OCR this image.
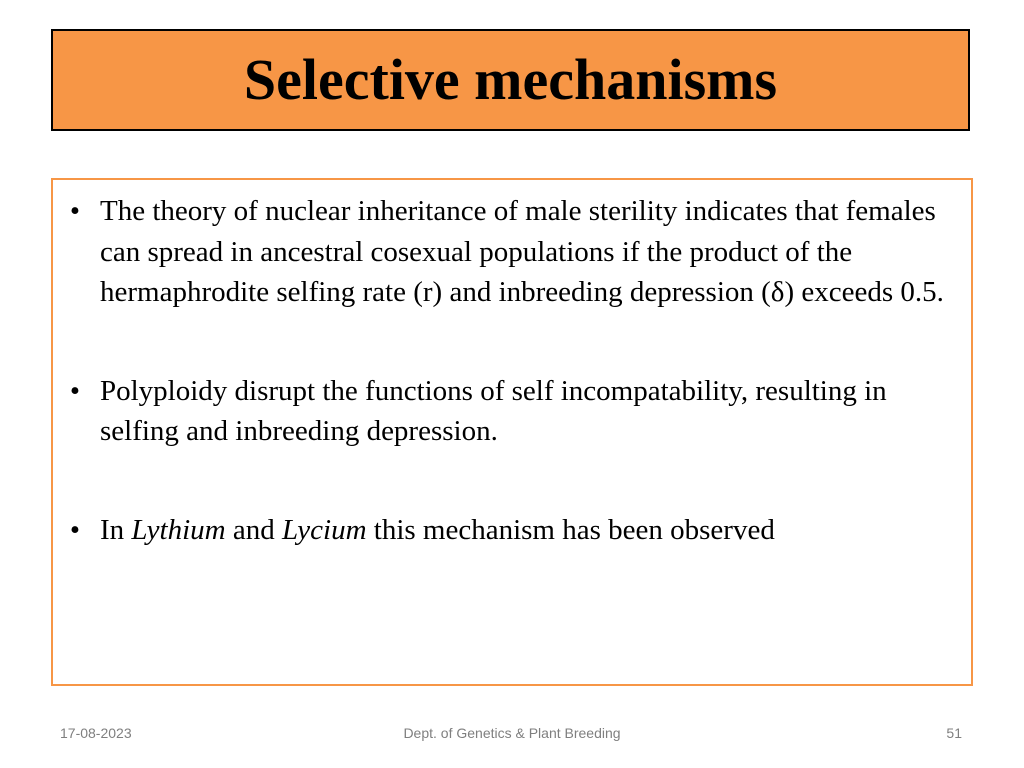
Selective mechanisms
• The theory of nuclear inheritance of male sterility indicates that females can spread in ancestral cosexual populations if the product of the hermaphrodite selfing rate (r) and inbreeding depression (δ) exceeds 0.5.
• Polyploidy disrupt the functions of self incompatability, resulting in selfing and inbreeding depression.
• In Lythium and Lycium this mechanism has been observed
17-08-2023	Dept. of Genetics & Plant Breeding	51
